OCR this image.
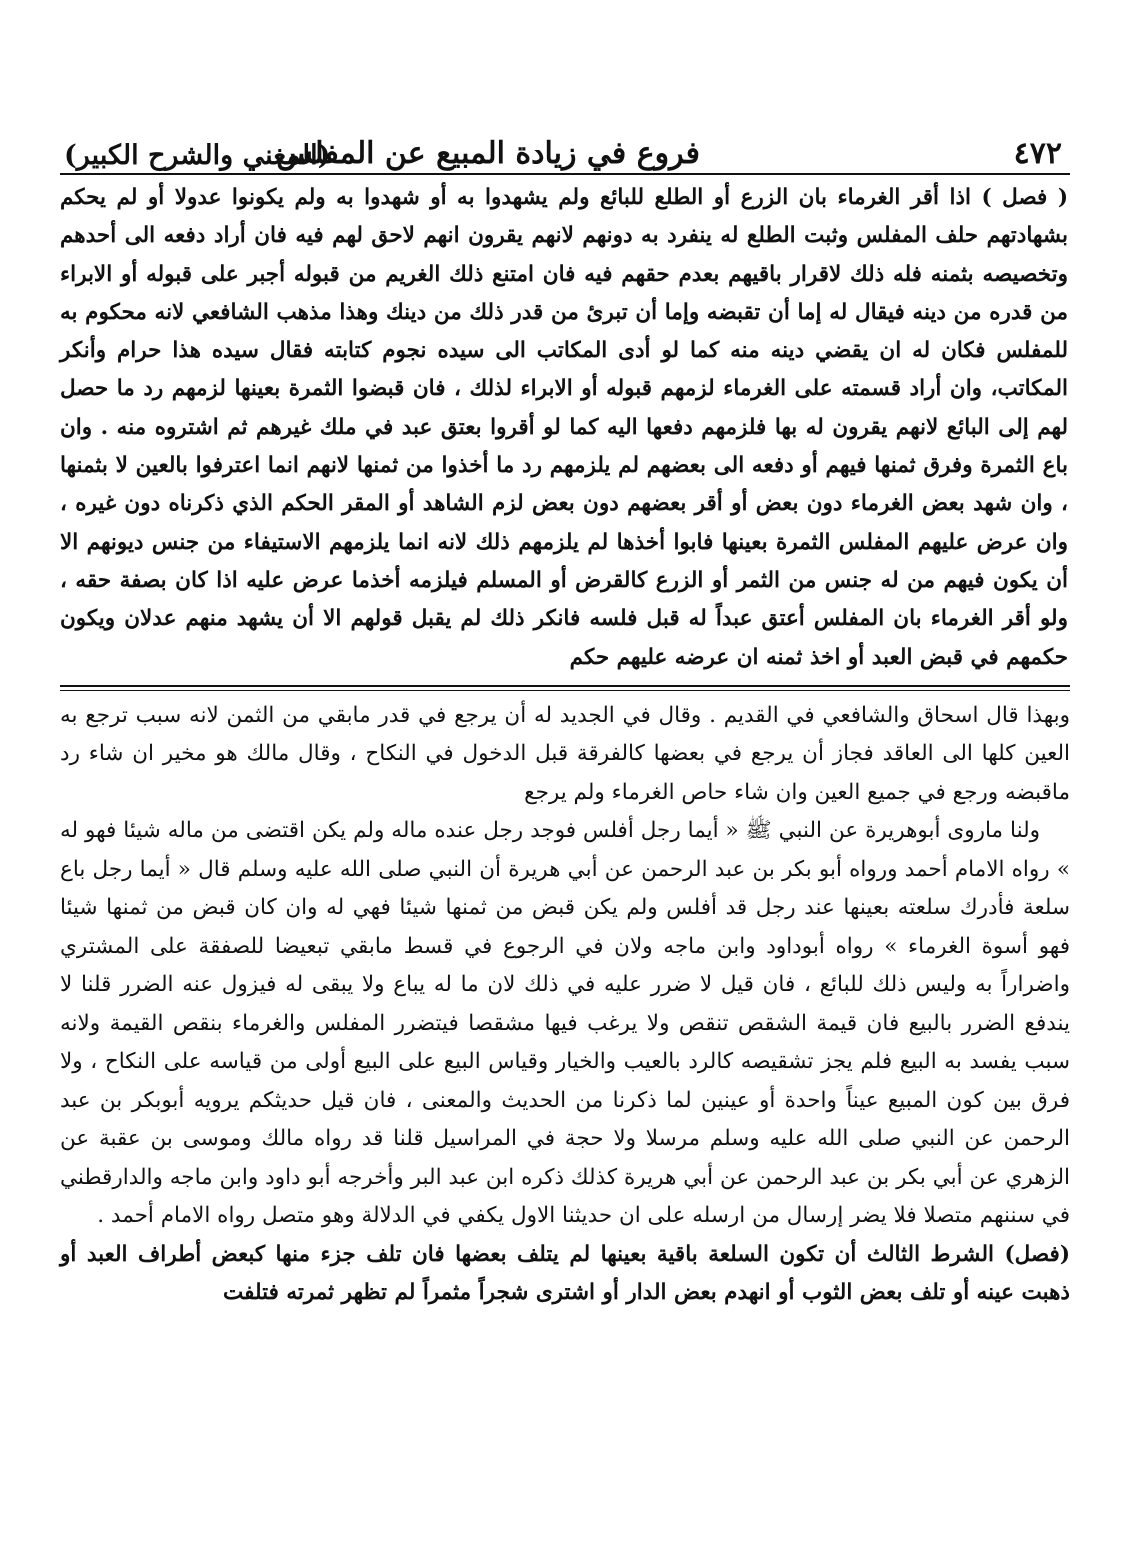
٤٧٢
فروع في زيادة المبيع عن المفلس
(المغني والشرح الكبير)

( فصل ) اذا أقر الغرماء بان الزرع أو الطلع للبائع ولم يشهدوا به أو شهدوا به ولم يكونوا عدولا أو لم يحكم بشهادتهم حلف المفلس وثبت الطلع له ينفرد به دونهم لانهم يقرون انهم لاحق لهم فيه فان أراد دفعه الى أحدهم وتخصيصه بثمنه فله ذلك لاقرار باقيهم بعدم حقهم فيه فان امتنع ذلك الغريم من قبوله أجبر على قبوله أو الابراء من قدره من دينه فيقال له إما أن تقبضه وإما أن تبرئ من قدر ذلك من دينك وهذا مذهب الشافعي لانه محكوم به للمفلس فكان له ان يقضي دينه منه كما لو أدى المكاتب الى سيده نجوم كتابته فقال سيده هذا حرام وأنكر المكاتب، وان أراد قسمته على الغرماء لزمهم قبوله أو الابراء لذلك ، فان قبضوا الثمرة بعينها لزمهم رد ما حصل لهم إلى البائع لانهم يقرون له بها فلزمهم دفعها اليه كما لو أقروا بعتق عبد في ملك غيرهم ثم اشتروه منه . وان باع الثمرة وفرق ثمنها فيهم أو دفعه الى بعضهم لم يلزمهم رد ما أخذوا من ثمنها لانهم انما اعترفوا بالعين لا بثمنها ، وان شهد بعض الغرماء دون بعض أو أقر بعضهم دون بعض لزم الشاهد أو المقر الحكم الذي ذكرناه دون غيره ، وان عرض عليهم المفلس الثمرة بعينها فابوا أخذها لم يلزمهم ذلك لانه انما يلزمهم الاستيفاء من جنس ديونهم الا أن يكون فيهم من له جنس من الثمر أو الزرع كالقرض أو المسلم فيلزمه أخذما عرض عليه اذا كان بصفة حقه ، ولو أقر الغرماء بان المفلس أعتق عبداً له قبل فلسه فانكر ذلك لم يقبل قولهم الا أن يشهد منهم عدلان ويكون حكمهم في قبض العبد أو اخذ ثمنه ان عرضه عليهم حكم

وبهذا قال اسحاق والشافعي في القديم . وقال في الجديد له أن يرجع في قدر مابقي من الثمن لانه سبب ترجع به العين كلها الى العاقد فجاز أن يرجع في بعضها كالفرقة قبل الدخول في النكاح ، وقال مالك هو مخير ان شاء رد ماقبضه ورجع في جميع العين وان شاء حاص الغرماء ولم يرجع

ولنا ماروى أبوهريرة عن النبي ﷺ « أيما رجل أفلس فوجد رجل عنده ماله ولم يكن اقتضى من ماله شيئا فهو له » رواه الامام أحمد ورواه أبو بكر بن عبد الرحمن عن أبي هريرة أن النبي صلى الله عليه وسلم قال « أيما رجل باع سلعة فأدرك سلعته بعينها عند رجل قد أفلس ولم يكن قبض من ثمنها شيئا فهي له وان كان قبض من ثمنها شيئا فهو أسوة الغرماء » رواه أبوداود وابن ماجه ولان في الرجوع في قسط مابقي تبعيضا للصفقة على المشتري واضراراً به وليس ذلك للبائع ، فان قيل لا ضرر عليه في ذلك لان ما له يباع ولا يبقى له فيزول عنه الضرر قلنا لا يندفع الضرر بالبيع فان قيمة الشقص تنقص ولا يرغب فيها مشقصا فيتضرر المفلس والغرماء بنقص القيمة ولانه سبب يفسد به البيع فلم يجز تشقيصه كالرد بالعيب والخيار وقياس البيع على البيع أولى من قياسه على النكاح ، ولا فرق بين كون المبيع عيناً واحدة أو عينين لما ذكرنا من الحديث والمعنى ، فان قيل حديثكم يرويه أبوبكر بن عبد الرحمن عن النبي صلى الله عليه وسلم مرسلا ولا حجة في المراسيل قلنا قد رواه مالك وموسى بن عقبة عن الزهري عن أبي بكر بن عبد الرحمن عن أبي هريرة كذلك ذكره ابن عبد البر وأخرجه أبو داود وابن ماجه والدارقطني في سننهم متصلا فلا يضر إرسال من ارسله على ان حديثنا الاول يكفي في الدلالة وهو متصل رواه الامام أحمد .

(فصل) الشرط الثالث أن تكون السلعة باقية بعينها لم يتلف بعضها فان تلف جزء منها كبعض أطراف العبد أو ذهبت عينه أو تلف بعض الثوب أو انهدم بعض الدار أو اشترى شجراً مثمراً لم تظهر ثمرته فتلفت
